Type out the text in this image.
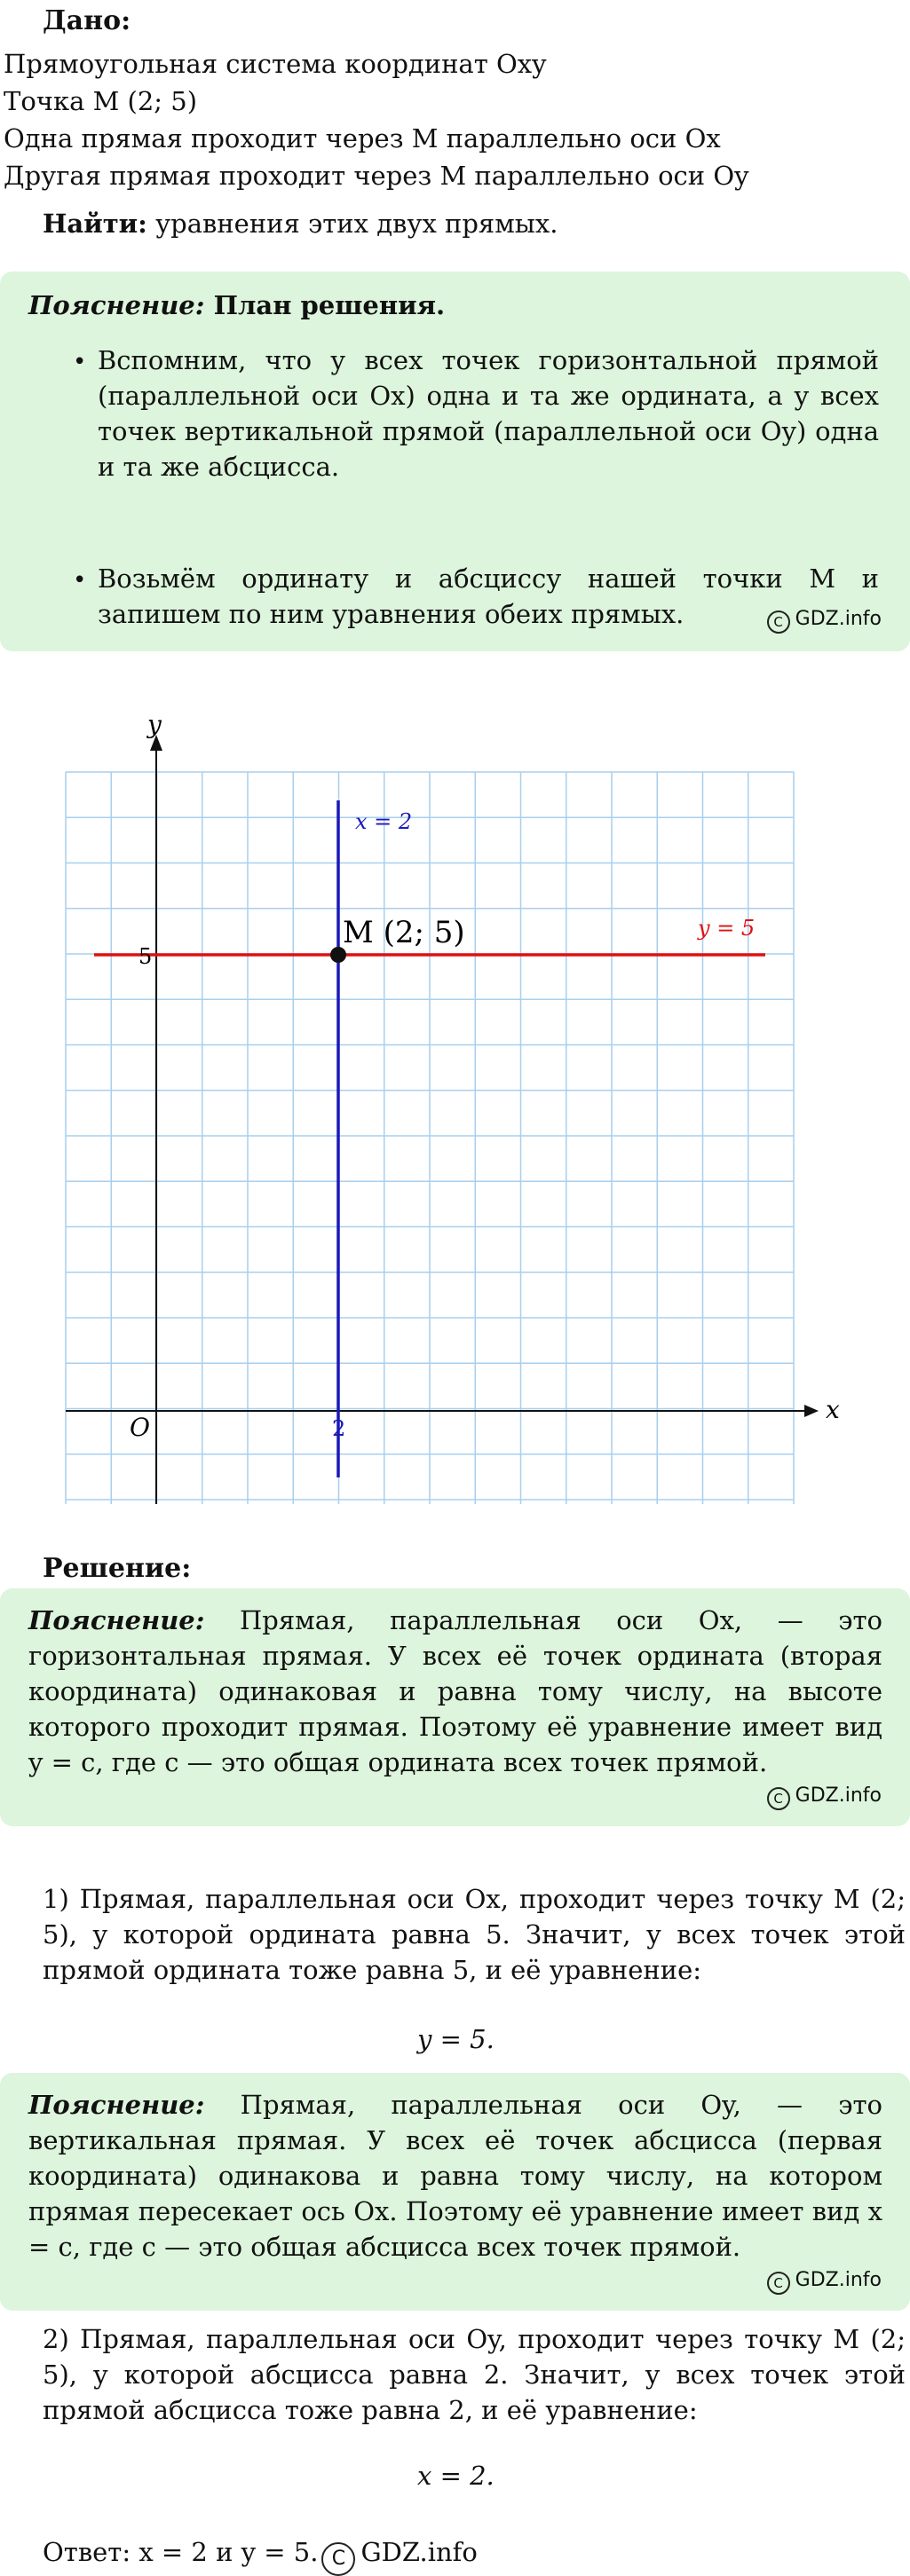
Дано:
Прямоугольная система координат Oxy
Точка M (2; 5)
Одна прямая проходит через M параллельно оси Ox
Другая прямая проходит через M параллельно оси Oy
Найти: уравнения этих двух прямых.
Пояснение: План решения.
• Вспомним, что у всех точек горизонтальной прямой (параллельной оси Ox) одна и та же ордината, а у всех точек вертикальной прямой (параллельной оси Oy) одна и та же абсцисса.
• Возьмём ординату и абсциссу нашей точки M и запишем по ним уравнения обеих прямых.	C GDZ.info
x
y
O	2
5
x = 2
y = 5
M (2; 5)
Решение:
Пояснение: Прямая, параллельная оси Ox, — это горизонтальная прямая. У всех её точек ордината (вторая координата) одинаковая и равна тому числу, на высоте которого проходит прямая. Поэтому её уравнение имеет вид y = c, где c — это общая ордината всех точек прямой.
C GDZ.info
1) Прямая, параллельная оси Ox, проходит через точку M (2; 5), у которой ордината равна 5. Значит, у всех точек этой прямой ордината тоже равна 5, и её уравнение:
y = 5.
Пояснение: Прямая, параллельная оси Oy, — это вертикальная прямая. У всех её точек абсцисса (первая координата) одинакова и равна тому числу, на котором прямая пересекает ось Ox. Поэтому её уравнение имеет вид x = c, где c — это общая абсцисса всех точек прямой.
C GDZ.info
2) Прямая, параллельная оси Oy, проходит через точку M (2; 5), у которой абсцисса равна 2. Значит, у всех точек этой прямой абсцисса тоже равна 2, и её уравнение:
x = 2.
Ответ: x = 2 и y = 5. C GDZ.info
